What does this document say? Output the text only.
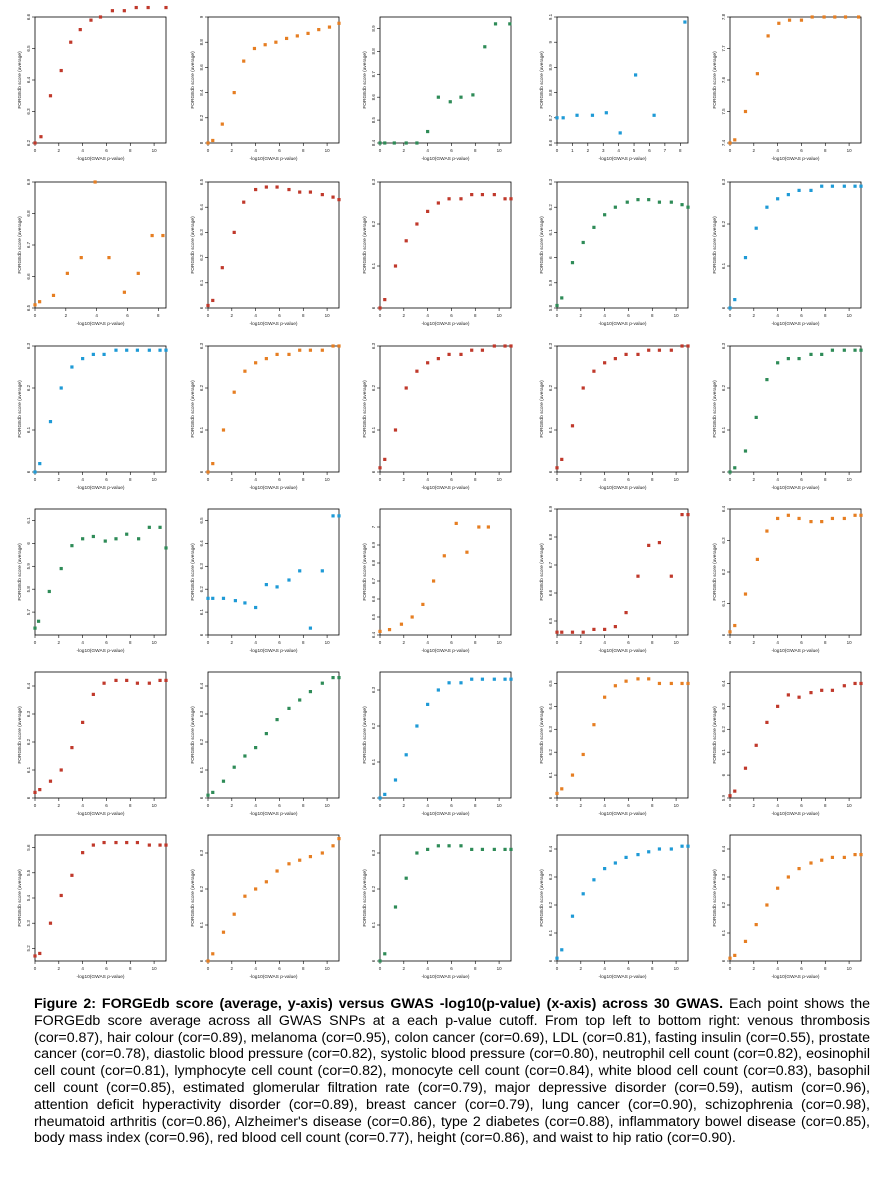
0	2	4	6	8	10
6.2
6.3
6.4
6.5
6.6
-log10(GWAS p-value)
FORGEdb score (average)
0	2	4	6	8	10
8
8.2
8.4
8.6
8.8
9
-log10(GWAS p-value)
FORGEdb score (average)
0	2	4	6	8	10
8.4
8.5
8.6
8.7
8.8
8.9
-log10(GWAS p-value)
FORGEdb score (average)
0	1	2	3	4	5	6	7	8
8.6
8.7
8.8
8.9
9
9.1
-log10(GWAS p-value)
FORGEdb score (average)
0	2	4	6	8	10
7.4
7.5
7.6
7.7
7.8
-log10(GWAS p-value)
FORGEdb score (average)
0	2	4	6	8
6.5
6.6
6.7
6.8
6.9
-log10(GWAS p-value)
FORGEdb score (average)
0	2	4	6	8	10
6
6.1
6.2
6.3
6.4
6.5
-log10(GWAS p-value)
FORGEdb score (average)
0	2	4	6	8	10
6
6.1
6.2
6.3
-log10(GWAS p-value)
FORGEdb score (average)
0	2	4	6	8	10
5.8
5.9
6
6.1
6.2
6.3
-log10(GWAS p-value)
FORGEdb score (average)
0	2	4	6	8	10
6
6.1
6.2
6.3
-log10(GWAS p-value)
FORGEdb score (average)
0	2	4	6	8	10
6
6.1
6.2
6.3
-log10(GWAS p-value)
FORGEdb score (average)
0	2	4	6	8	10
6
6.1
6.2
6.3
-log10(GWAS p-value)
FORGEdb score (average)
0	2	4	6	8	10
6
6.1
6.2
6.3
-log10(GWAS p-value)
FORGEdb score (average)
0	2	4	6	8	10
6
6.1
6.2
6.3
-log10(GWAS p-value)
FORGEdb score (average)
0	2	4	6	8	10
6
6.1
6.2
6.3
-log10(GWAS p-value)
FORGEdb score (average)
0	2	4	6	8	10
5.7
5.8
5.9
6
6.1
-log10(GWAS p-value)
FORGEdb score (average)
0	2	4	6	8	10
6
6.1
6.2
6.3
6.4
6.5
-log10(GWAS p-value)
FORGEdb score (average)
0	2	4	6	8	10
6.4
6.5
6.6
6.7
6.8
6.9
7
-log10(GWAS p-value)
FORGEdb score (average)
0	2	4	6	8	10
6.5
6.6
6.7
6.8
6.9
-log10(GWAS p-value)
FORGEdb score (average)
0	2	4	6	8	10
6
6.1
6.2
6.3
6.4
-log10(GWAS p-value)
FORGEdb score (average)
0	2	4	6	8	10
6
6.1
6.2
6.3
6.4
-log10(GWAS p-value)
FORGEdb score (average)
0	2	4	6	8	10
6
6.1
6.2
6.3
6.4
-log10(GWAS p-value)
FORGEdb score (average)
0	2	4	6	8	10
6
6.1
6.2
6.3
-log10(GWAS p-value)
FORGEdb score (average)
0	2	4	6	8	10
6
6.1
6.2
6.3
6.4
6.5
-log10(GWAS p-value)
FORGEdb score (average)
0	2	4	6	8	10
5.9
6
6.1
6.2
6.3
6.4
-log10(GWAS p-value)
FORGEdb score (average)
0	2	4	6	8	10
5.2
5.3
5.4
5.5
5.6
-log10(GWAS p-value)
FORGEdb score (average)
0	2	4	6	8	10
6
6.1
6.2
6.3
-log10(GWAS p-value)
FORGEdb score (average)
0	2	4	6	8	10
6
6.1
6.2
6.3
-log10(GWAS p-value)
FORGEdb score (average)
0	2	4	6	8	10
6
6.1
6.2
6.3
6.4
-log10(GWAS p-value)
FORGEdb score (average)
0	2	4	6	8	10
6
6.1
6.2
6.3
6.4
-log10(GWAS p-value)
FORGEdb score (average)
Figure 2: FORGEdb score (average, y-axis) versus GWAS -log10(p-value) (x-axis) across 30 GWAS. Each point shows the FORGEdb score average across all GWAS SNPs at a each p-value cutoff. From top left to bottom right: venous thrombosis (cor=0.87), hair colour (cor=0.89), melanoma (cor=0.95), colon cancer (cor=0.69), LDL (cor=0.81), fasting insulin (cor=0.55), prostate cancer (cor=0.78), diastolic blood pressure (cor=0.82), systolic blood pressure (cor=0.80), neutrophil cell count (cor=0.82), eosinophil cell count (cor=0.81), lymphocyte cell count (cor=0.82), monocyte cell count (cor=0.84), white blood cell count (cor=0.83), basophil cell count (cor=0.85), estimated glomerular filtration rate (cor=0.79), major depressive disorder (cor=0.59), autism (cor=0.96), attention deficit hyperactivity disorder (cor=0.89), breast cancer (cor=0.79), lung cancer (cor=0.90), schizophrenia (cor=0.98), rheumatoid arthritis (cor=0.86), Alzheimer's disease (cor=0.86), type 2 diabetes (cor=0.88), inflammatory bowel disease (cor=0.85), body mass index (cor=0.96), red blood cell count (cor=0.77), height (cor=0.86), and waist to hip ratio (cor=0.90).
